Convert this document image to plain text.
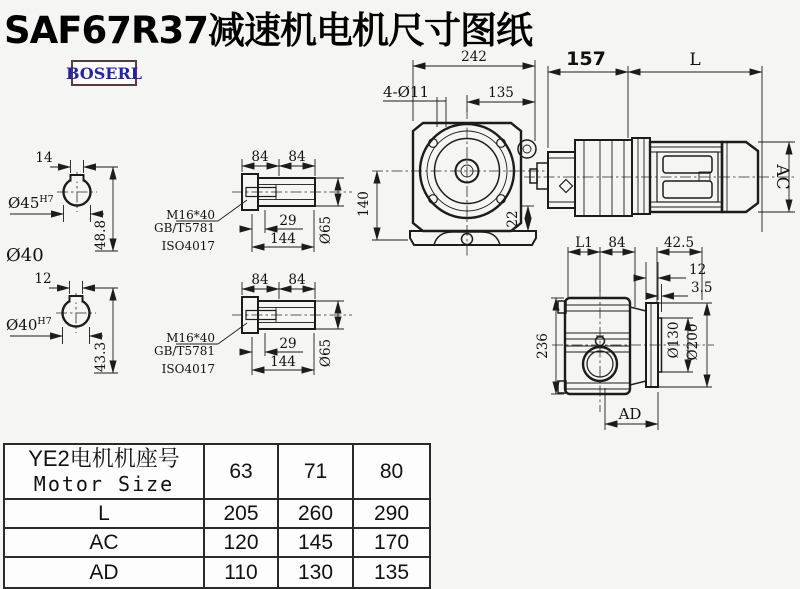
SAF67R37减速机电机尺寸图纸
BOSERL
14
$Ø45^{H7}$
48.8
Ø40
12
$Ø40^{H7}$
43.3
84 84
29
144 Ø65
M16*40
GB/T5781
ISO4017
84 84
29
144 Ø65
M16*40
GB/T5781
ISO4017
242
135
4-Ø11
140
22
157	L
AC
L1 84	42.5
12
3.5
236	Ø130 Ø200
AD
YE2电机机座号
Motor Size
63	71	80
L	205	260	290
AC	120	145	170
AD	110	130	135
